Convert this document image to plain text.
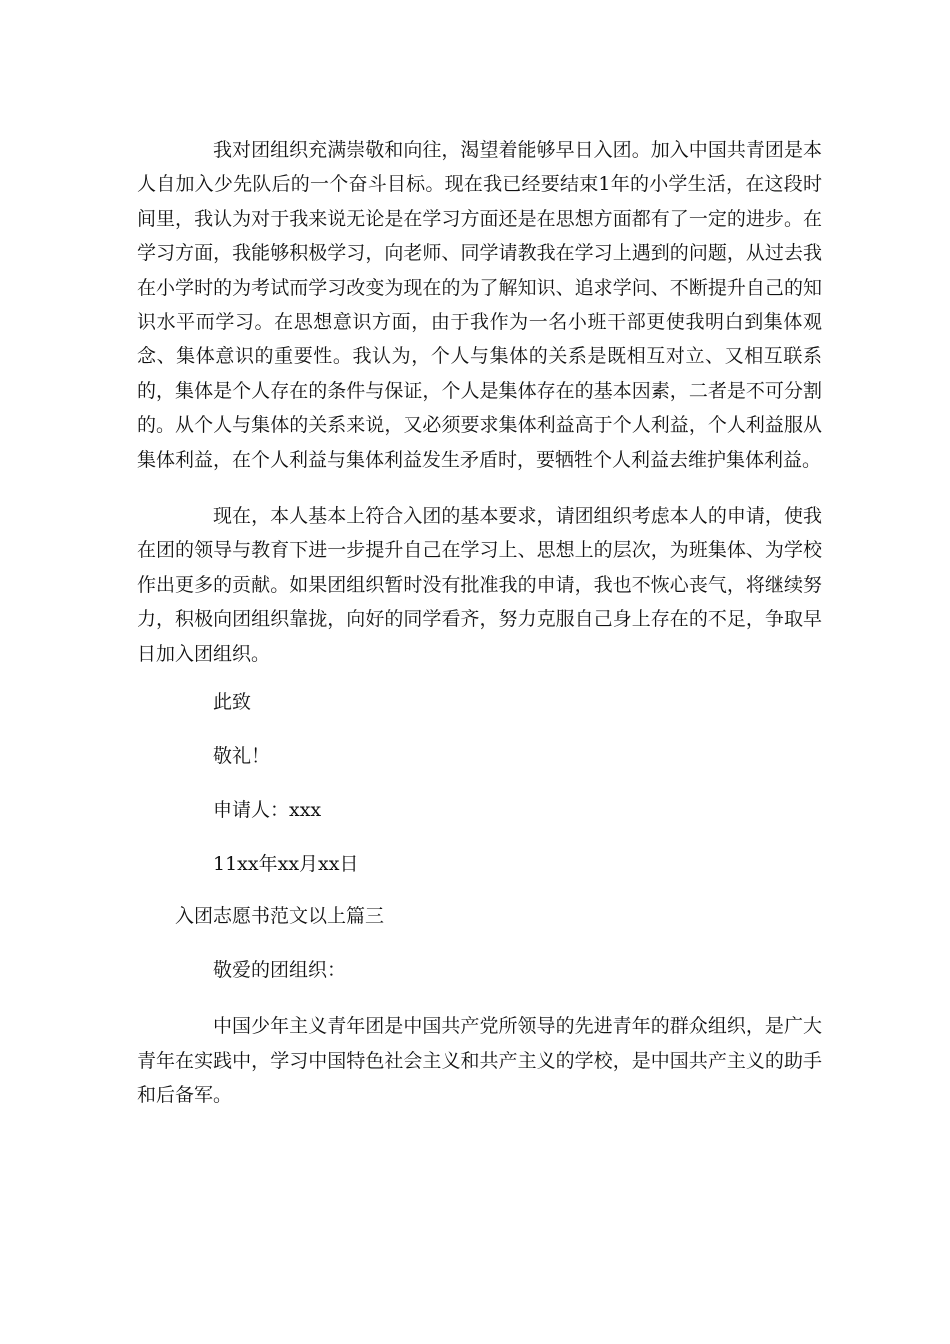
我对团组织充满崇敬和向往，渴望着能够早日入团。加入中国共青团是本人自加入少先队后的一个奋斗目标。现在我已经要结束1年的小学生活，在这段时间里，我认为对于我来说无论是在学习方面还是在思想方面都有了一定的进步。在学习方面，我能够积极学习，向老师、同学请教我在学习上遇到的问题，从过去我在小学时的为考试而学习改变为现在的为了解知识、追求学问、不断提升自己的知识水平而学习。在思想意识方面，由于我作为一名小班干部更使我明白到集体观念、集体意识的重要性。我认为，个人与集体的关系是既相互对立、又相互联系的，集体是个人存在的条件与保证，个人是集体存在的基本因素，二者是不可分割的。从个人与集体的关系来说，又必须要求集体利益高于个人利益，个人利益服从集体利益，在个人利益与集体利益发生矛盾时，要牺牲个人利益去维护集体利益。

现在，本人基本上符合入团的基本要求，请团组织考虑本人的申请，使我在团的领导与教育下进一步提升自己在学习上、思想上的层次，为班集体、为学校作出更多的贡献。如果团组织暂时没有批准我的申请，我也不恢心丧气，将继续努力，积极向团组织靠拢，向好的同学看齐，努力克服自己身上存在的不足，争取早日加入团组织。

此致

敬礼！

申请人：xxx

11xx年xx月xx日

入团志愿书范文以上篇三

敬爱的团组织：

中国少年主义青年团是中国共产党所领导的先进青年的群众组织，是广大青年在实践中，学习中国特色社会主义和共产主义的学校，是中国共产主义的助手和后备军。
